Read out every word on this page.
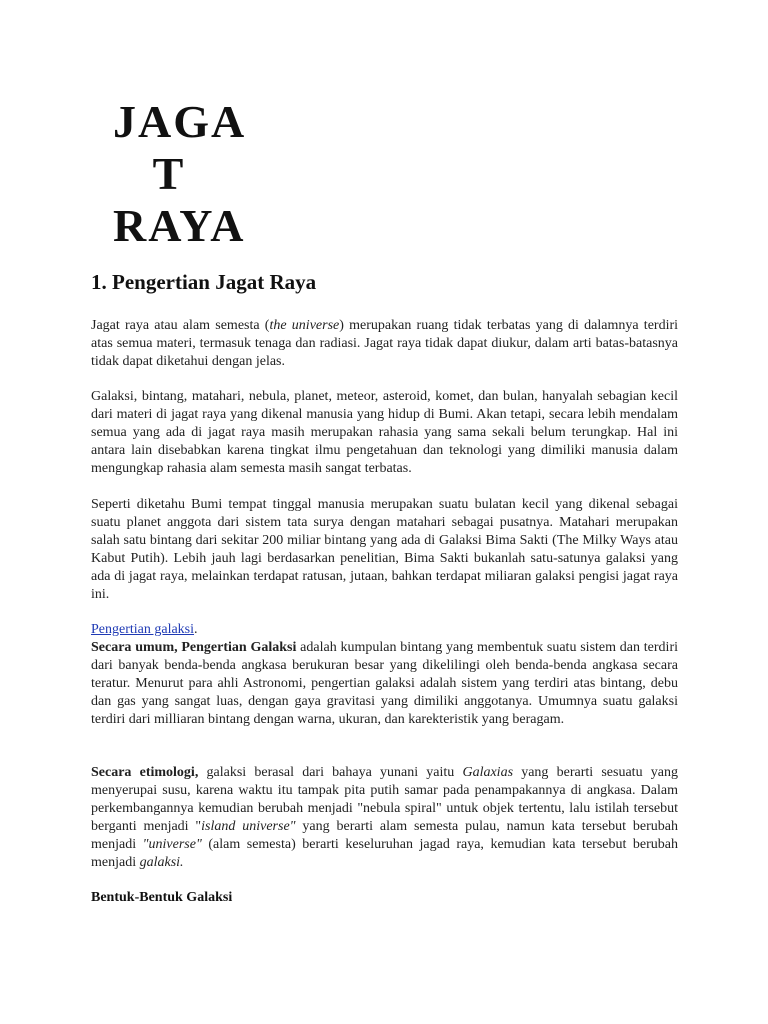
JAGA
T
RAYA
1. Pengertian Jagat Raya

Jagat raya atau alam semesta (the universe) merupakan ruang tidak terbatas yang di dalamnya terdiri atas semua materi, termasuk tenaga dan radiasi. Jagat raya tidak dapat diukur, dalam arti batas-batasnya tidak dapat diketahui dengan jelas.

Galaksi, bintang, matahari, nebula, planet, meteor, asteroid, komet, dan bulan, hanyalah sebagian kecil dari materi di jagat raya yang dikenal manusia yang hidup di Bumi. Akan tetapi, secara lebih mendalam semua yang ada di jagat raya masih merupakan rahasia yang sama sekali belum terungkap. Hal ini antara lain disebabkan karena tingkat ilmu pengetahuan dan teknologi yang dimiliki manusia dalam mengungkap rahasia alam semesta masih sangat terbatas.

Seperti diketahu Bumi tempat tinggal manusia merupakan suatu bulatan kecil yang dikenal sebagai suatu planet anggota dari sistem tata surya dengan matahari sebagai pusatnya. Matahari merupakan salah satu bintang dari sekitar 200 miliar bintang yang ada di Galaksi Bima Sakti (The Milky Ways atau Kabut Putih). Lebih jauh lagi berdasarkan penelitian, Bima Sakti bukanlah satu-satunya galaksi yang ada di jagat raya, melainkan terdapat ratusan, jutaan, bahkan terdapat miliaran galaksi pengisi jagat raya ini.

Pengertian galaksi.
Secara umum, Pengertian Galaksi adalah kumpulan bintang yang membentuk suatu sistem dan terdiri dari banyak benda-benda angkasa berukuran besar yang dikelilingi oleh benda-benda angkasa secara teratur. Menurut para ahli Astronomi, pengertian galaksi adalah sistem yang terdiri atas bintang, debu dan gas yang sangat luas, dengan gaya gravitasi yang dimiliki anggotanya. Umumnya suatu galaksi terdiri dari milliaran bintang dengan warna, ukuran, dan karekteristik yang beragam.

Secara etimologi, galaksi berasal dari bahaya yunani yaitu Galaxias yang berarti sesuatu yang menyerupai susu, karena waktu itu tampak pita putih samar pada penampakannya di angkasa. Dalam perkembangannya kemudian berubah menjadi "nebula spiral" untuk objek tertentu, lalu istilah tersebut berganti menjadi "island universe" yang berarti alam semesta pulau, namun kata tersebut berubah menjadi "universe" (alam semesta) berarti keseluruhan jagad raya, kemudian kata tersebut berubah menjadi galaksi.

Bentuk-Bentuk Galaksi
